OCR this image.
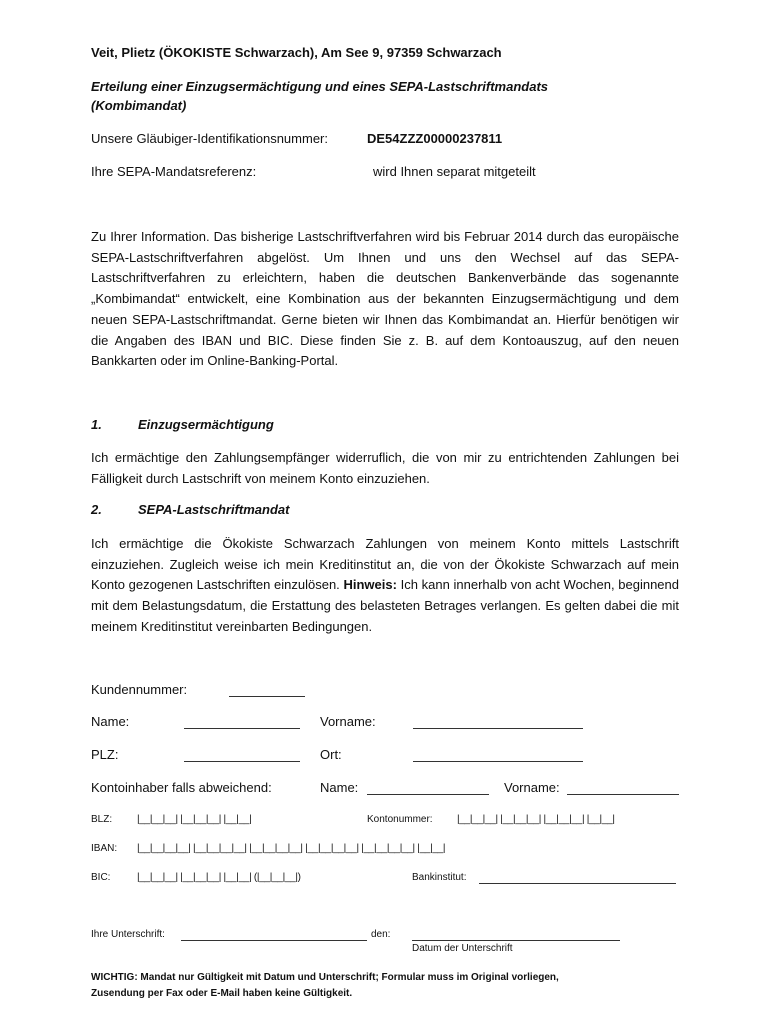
Veit, Plietz (ÖKOKISTE Schwarzach), Am See 9, 97359 Schwarzach
Erteilung einer Einzugsermächtigung und eines SEPA-Lastschriftmandats
(Kombimandat)
Unsere Gläubiger-Identifikationsnummer:	DE54ZZZ00000237811
Ihre SEPA-Mandatsreferenz:	wird Ihnen separat mitgeteilt
Zu Ihrer Information. Das bisherige Lastschriftverfahren wird bis Februar 2014 durch das europäische SEPA-Lastschriftverfahren abgelöst. Um Ihnen und uns den Wechsel auf das SEPA-Lastschriftverfahren zu erleichtern, haben die deutschen Bankenverbände das sogenannte „Kombimandat“ entwickelt, eine Kombination aus der bekannten Einzugsermächtigung und dem neuen SEPA-Lastschriftmandat. Gerne bieten wir Ihnen das Kombimandat an. Hierfür benötigen wir die Angaben des IBAN und BIC. Diese finden Sie z. B. auf dem Kontoauszug, auf den neuen Bankkarten oder im Online-Banking-Portal.
1.	Einzugsermächtigung
Ich ermächtige den Zahlungsempfänger widerruflich, die von mir zu entrichtenden Zahlungen bei Fälligkeit durch Lastschrift von meinem Konto einzuziehen.
2.	SEPA-Lastschriftmandat
Ich ermächtige die Ökokiste Schwarzach Zahlungen von meinem Konto mittels Lastschrift einzuziehen. Zugleich weise ich mein Kreditinstitut an, die von der Ökokiste Schwarzach auf mein Konto gezogenen Lastschriften einzulösen. Hinweis: Ich kann innerhalb von acht Wochen, beginnend mit dem Belastungsdatum, die Erstattung des belasteten Betrages verlangen. Es gelten dabei die mit meinem Kreditinstitut vereinbarten Bedingungen.
Kundennummer:
Name:	Vorname:
PLZ:	Ort:
Kontoinhaber falls abweichend:	Name:	Vorname:
BLZ: |__|__|__| |__|__|__| |__|__|	Kontonummer: |__|__|__| |__|__|__| |__|__|__| |__|__|
IBAN: |__|__|__|__| |__|__|__|__| |__|__|__|__| |__|__|__|__| |__|__|__|__| |__|__|
BIC:	|__|__|__| |__|__|__| |__|__| (|__|__|__|)	Bankinstitut:
Ihre Unterschrift:	den:
Datum der Unterschrift
WICHTIG: Mandat nur Gültigkeit mit Datum und Unterschrift; Formular muss im Original vorliegen,
Zusendung per Fax oder E-Mail haben keine Gültigkeit.
